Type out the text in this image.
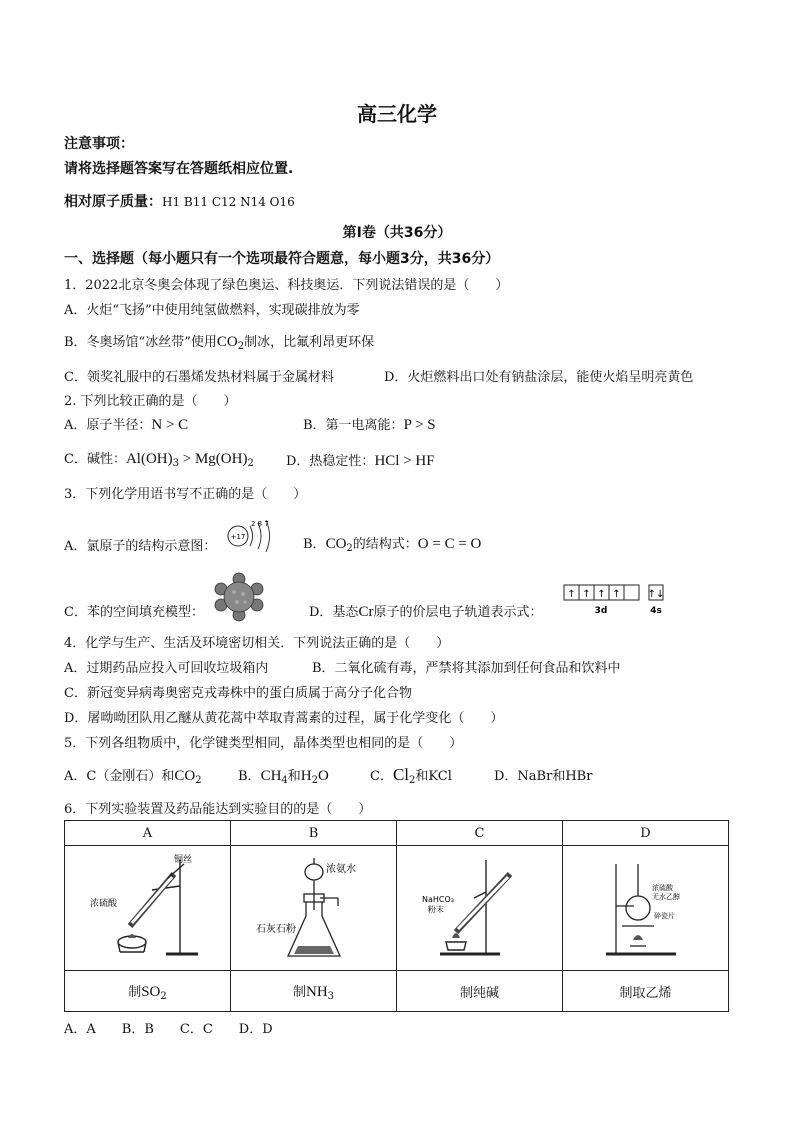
高三化学
注意事项：
请将选择题答案写在答题纸相应位置.
相对原子质量：H1 B11 C12 N14 O16
第I卷（共36分）
一、选择题（每小题只有一个选项最符合题意，每小题3分，共36分）
1．2022北京冬奥会体现了绿色奥运、科技奥运．下列说法错误的是（　　）
A．火炬“飞扬”中使用纯氢做燃料，实现碳排放为零
B．冬奥场馆“冰丝带”使用$CO_2$制冰，比氟利昂更环保
C．领奖礼服中的石墨烯发热材料属于金属材料	D．火炬燃料出口处有钠盐涂层，能使火焰呈明亮黄色
2. 下列比较正确的是（　　）
A．原子半径：N > C	B．第一电离能：P > S
C．碱性：$Al(OH)_3 > Mg(OH)_2$ D．热稳定性：HCl > HF
3．下列化学用语书写不正确的是（　　）
A．氯原子的结构示意图：
+17
2 8 7
B．$CO_2$的结构式：O = C = O
C．苯的空间填充模型：	D．基态Cr原子的价层电子轨道表示式：
↑ ↑ ↑ ↑	↑↓
3d	4s
4．化学与生产、生活及环境密切相关．下列说法正确的是（　　）
A．过期药品应投入可回收垃圾箱内	B．二氧化硫有毒，严禁将其添加到任何食品和饮料中
C．新冠变异病毒奥密克戎毒株中的蛋白质属于高分子化合物
D．屠呦呦团队用乙醚从黄花蒿中萃取青蒿素的过程，属于化学变化（　　）
5．下列各组物质中，化学键类型相同，晶体类型也相同的是（　　）
A．C（金刚石）和$CO_2$	B．$CH_4$和$H_2O$	C．$Cl_2$和KCl	D．NaBr和HBr
6．下列实验装置及药品能达到实验目的的是（　　）
A	B	C	D

铜丝
浓硫酸	浓氨水
石灰石粉	NaHCO₃
粉末	浓硫酸
无水乙醇
碎瓷片

制$SO_2$	制$NH_3$	制纯碱	制取乙烯
A．A　　B．B　　C．C　　D．D
